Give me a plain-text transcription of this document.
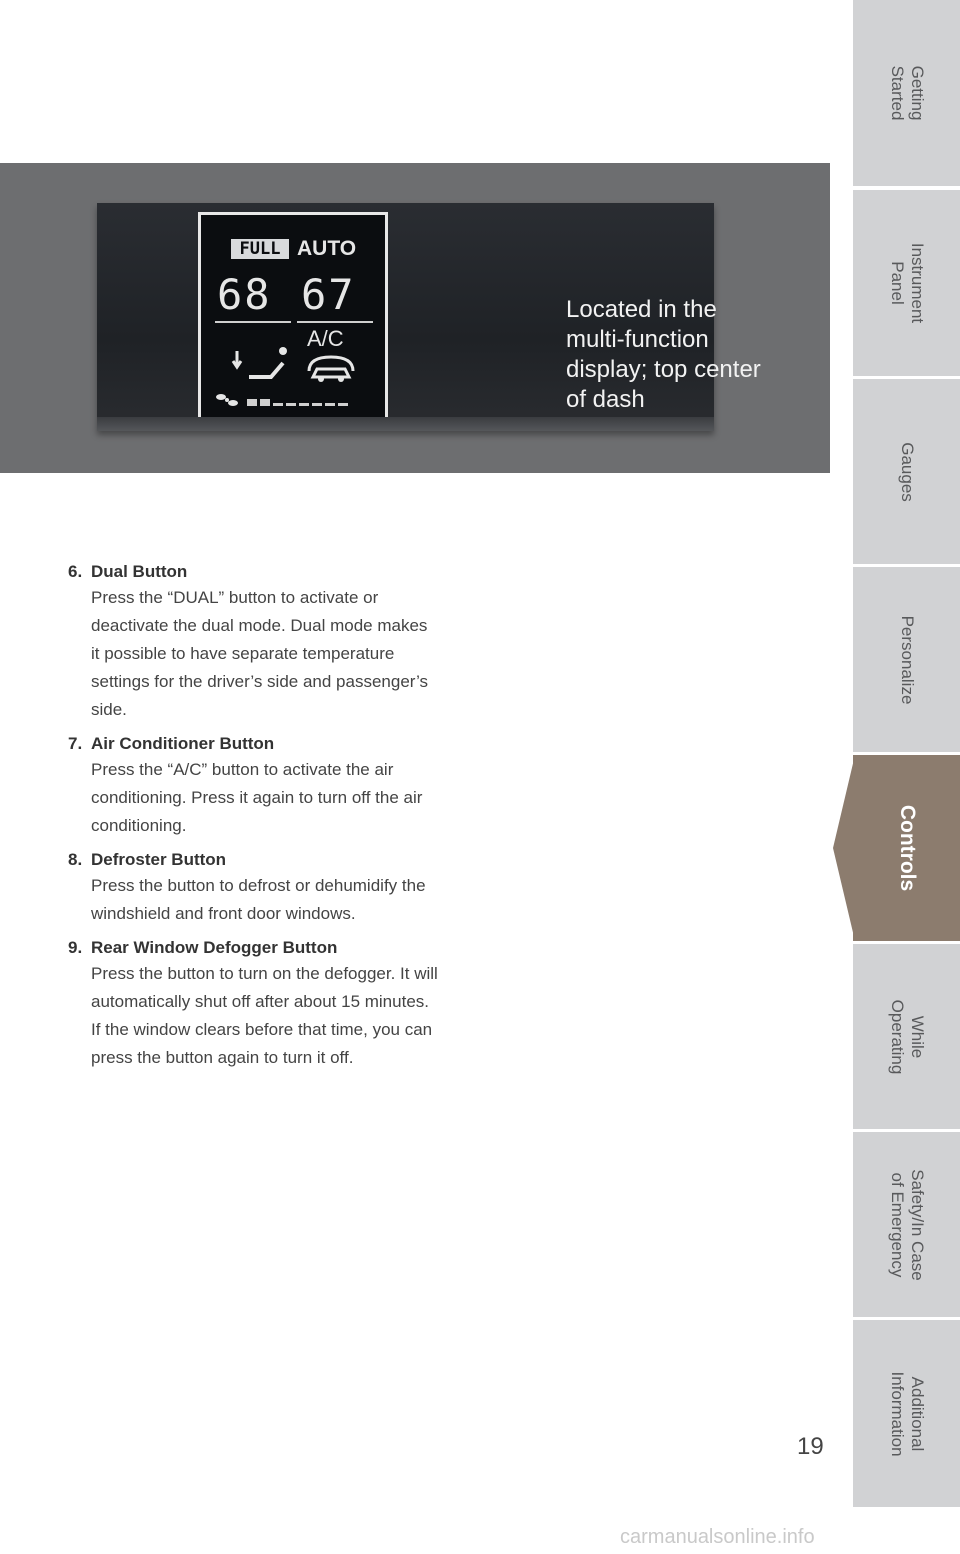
FULL AUTO
68 67
A/C
Located in the multi-function display; top center of dash
6. Dual Button
Press the “DUAL” button to activate or deactivate the dual mode. Dual mode makes it possible to have separate temperature settings for the driver’s side and passenger’s side.
7. Air Conditioner Button
Press the “A/C” button to activate the air conditioning. Press it again to turn off the air conditioning.
8. Defroster Button
Press the button to defrost or dehumidify the windshield and front door windows.
9. Rear Window Defogger Button
Press the button to turn on the defogger. It will automatically shut off after about 15 minutes. If the window clears before that time, you can press the button again to turn it off.
Getting
Started
Instrument
Panel
Gauges
Personalize
Controls
While
Operating
Safety/In Case
of Emergency
Additional
Information
19
carmanualsonline.info
